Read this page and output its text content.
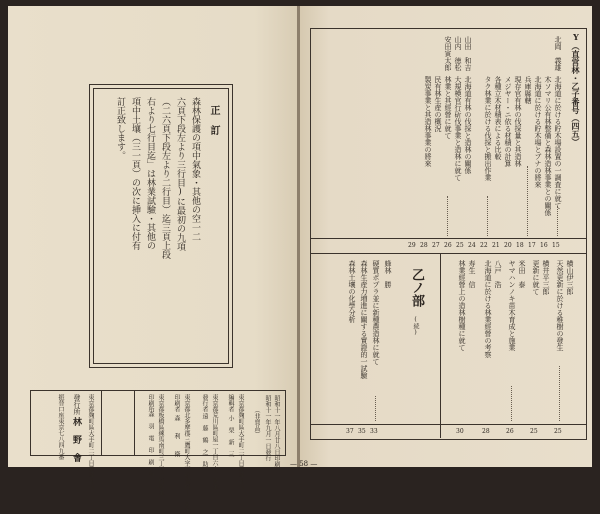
正　訂
森林保護の項中氣象・其他の空一二
六頁下段左より三行目)に最初の九項
（二六頁下段左より二行目）迄三頁上段
右より七行目迄」は林業試驗・其他の
項中土壤（三一頁）の次に挿入に付有
訂正致します。
昭和十一年八月廿八日印刷
昭和十一年九月一日發行
（非賣品）
東京都麹町區大手町二丁目農林省内
編輯者
小　栗　新　三
東京都荒川區町屋一丁目六十三番地
發行者
遠　藤　鶴　之　助
東京都北多摩郡三鷹町大字下連雀四十二番地
印刷者
森　　利　　衛
東京都板橋區練馬南町三丁目六四番地
印刷所
森　羽　電　印　刷　所
東京都麹町區大手町二丁目農林省内
發行所
林　野　會
振替口座東京七八四九番
Y（直営林・乙子番号（四五）
北岡　義雄
北海道に於ける貯木場設置の一調査に就て
木ソマリ公有林整備と森林造林事業との關係
北海道に於ける貯木場とブナの將來
兵庫縣轄
現存官有林の伐採量と其造林
メジヤー・ニ依る材積の計算
各種立木材積表による比較
タク林業に於ける伐採と搬出作業
山田　和吉
北海道有林の伐採と造林の關係
山内　徳松
大規模官行斫伐事業と造林に就て
安田寅太郎
林業と其經營に就て
民有林生産の概況
製炭事業と其造林事業の將來
15
16
17
18
20
21
22
24
25
26
27
28
29
乙ノ部
(続)
横山伊三郎
天然更新に於ける稚樹の發生
横井平三郎
更新に就て
米田　泰
ヤマハンノキ苗木育成と施業
八戸　浩
北海道に於ける林業經營の考察
寿生　信
林業經營上の造林樹種に就て
蜂林　勝
硬質ポプラ並に新種農造林に就て
森林生産力増進に關する實證的一試驗
森林土壤の化學分析
25
25
26
28
30
33
35
37
— 58 —
